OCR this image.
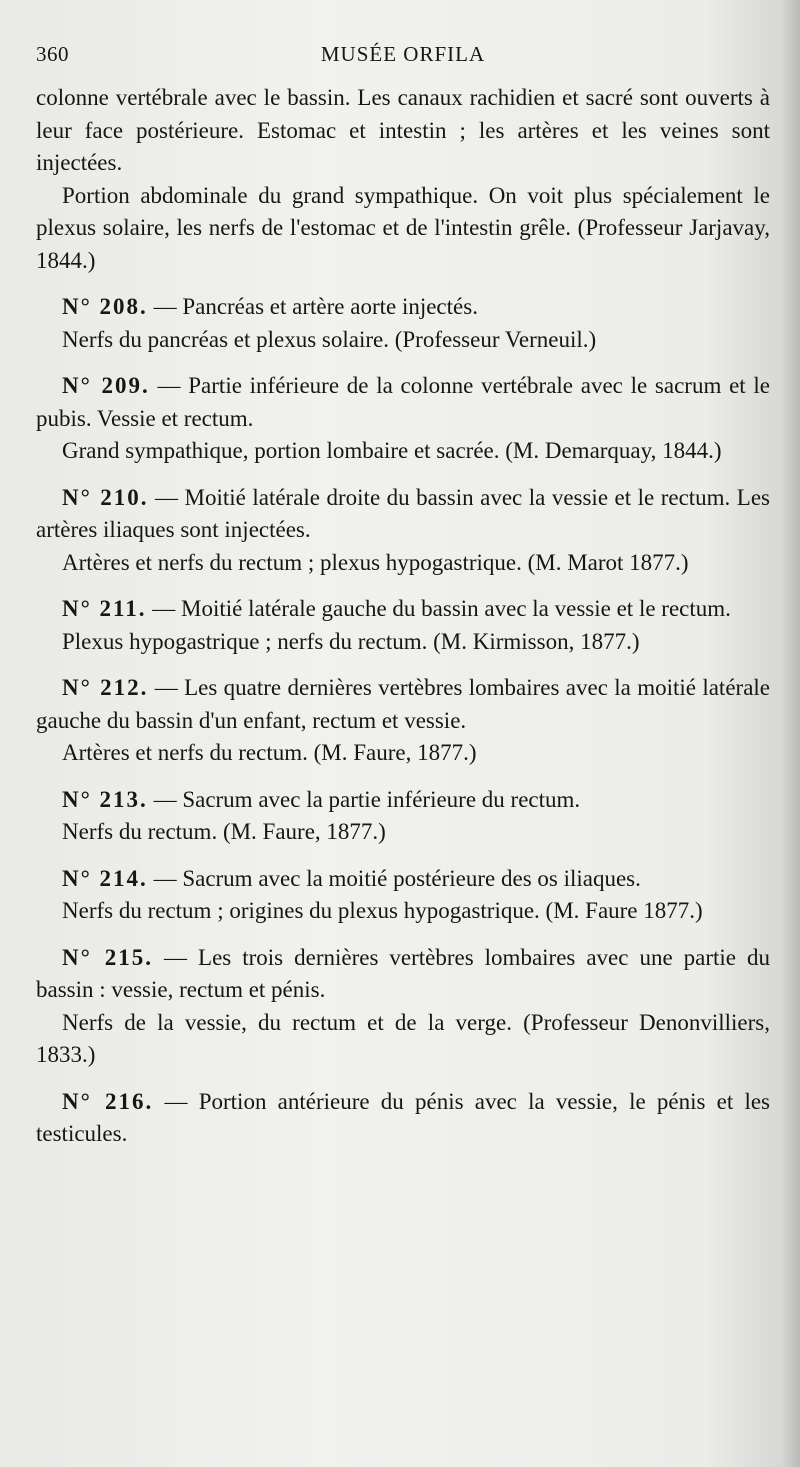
360	MUSÉE ORFILA

colonne vertébrale avec le bassin. Les canaux rachidien et sacré sont ouverts à leur face postérieure. Estomac et intestin ; les artères et les veines sont injectées.

Portion abdominale du grand sympathique. On voit plus spécialement le plexus solaire, les nerfs de l'estomac et de l'intestin grêle. (Professeur Jarjavay, 1844.)

N° 208. — Pancréas et artère aorte injectés.

Nerfs du pancréas et plexus solaire. (Professeur Verneuil.)

N° 209. — Partie inférieure de la colonne vertébrale avec le sacrum et le pubis. Vessie et rectum.

Grand sympathique, portion lombaire et sacrée. (M. Demarquay, 1844.)

N° 210. — Moitié latérale droite du bassin avec la vessie et le rectum. Les artères iliaques sont injectées.

Artères et nerfs du rectum ; plexus hypogastrique. (M. Marot 1877.)

N° 211. — Moitié latérale gauche du bassin avec la vessie et le rectum.

Plexus hypogastrique ; nerfs du rectum. (M. Kirmisson, 1877.)

N° 212. — Les quatre dernières vertèbres lombaires avec la moitié latérale gauche du bassin d'un enfant, rectum et vessie.

Artères et nerfs du rectum. (M. Faure, 1877.)

N° 213. — Sacrum avec la partie inférieure du rectum.

Nerfs du rectum. (M. Faure, 1877.)

N° 214. — Sacrum avec la moitié postérieure des os iliaques.

Nerfs du rectum ; origines du plexus hypogastrique. (M. Faure 1877.)

N° 215. — Les trois dernières vertèbres lombaires avec une partie du bassin : vessie, rectum et pénis.

Nerfs de la vessie, du rectum et de la verge. (Professeur Denonvilliers, 1833.)

N° 216. — Portion antérieure du pénis avec la vessie, le pénis et les testicules.
